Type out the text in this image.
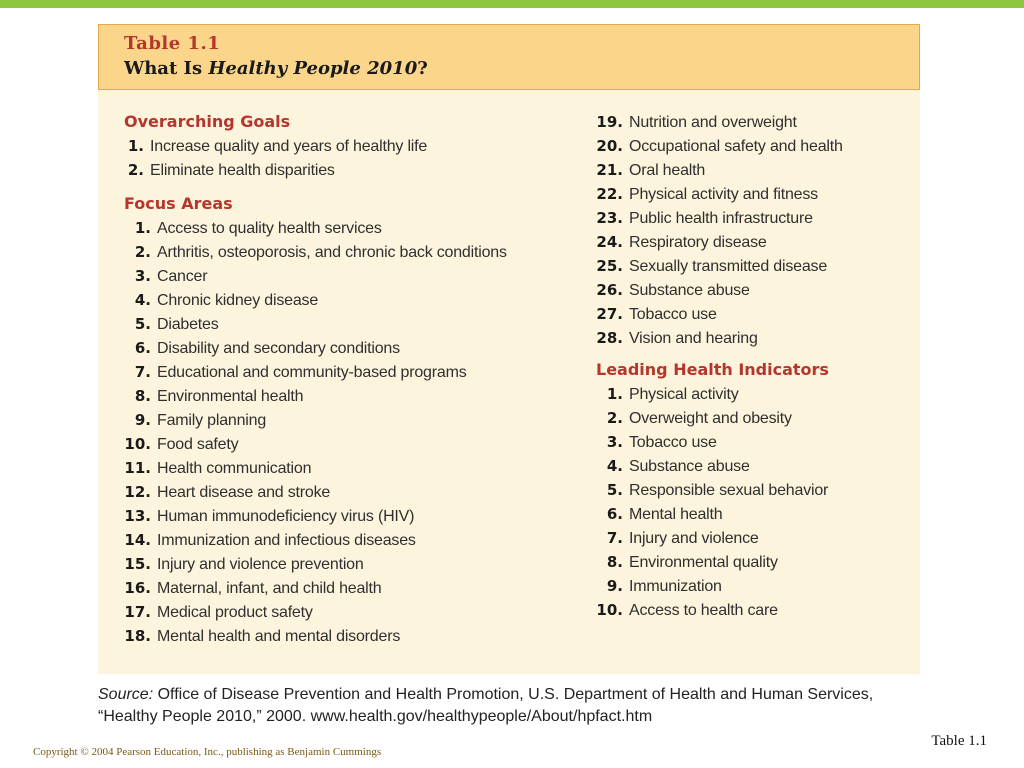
Table 1.1
What Is Healthy People 2010?
Overarching Goals
1. Increase quality and years of healthy life
2. Eliminate health disparities
Focus Areas
1. Access to quality health services
2. Arthritis, osteoporosis, and chronic back conditions
3. Cancer
4. Chronic kidney disease
5. Diabetes
6. Disability and secondary conditions
7. Educational and community-based programs
8. Environmental health
9. Family planning
10. Food safety
11. Health communication
12. Heart disease and stroke
13. Human immunodeficiency virus (HIV)
14. Immunization and infectious diseases
15. Injury and violence prevention
16. Maternal, infant, and child health
17. Medical product safety
18. Mental health and mental disorders
19. Nutrition and overweight
20. Occupational safety and health
21. Oral health
22. Physical activity and fitness
23. Public health infrastructure
24. Respiratory disease
25. Sexually transmitted disease
26. Substance abuse
27. Tobacco use
28. Vision and hearing
Leading Health Indicators
1. Physical activity
2. Overweight and obesity
3. Tobacco use
4. Substance abuse
5. Responsible sexual behavior
6. Mental health
7. Injury and violence
8. Environmental quality
9. Immunization
10. Access to health care
Source: Office of Disease Prevention and Health Promotion, U.S. Department of Health and Human Services, “Healthy People 2010,” 2000. www.health.gov/healthypeople/About/hpfact.htm
Table 1.1
Copyright © 2004 Pearson Education, Inc., publishing as Benjamin Cummings
